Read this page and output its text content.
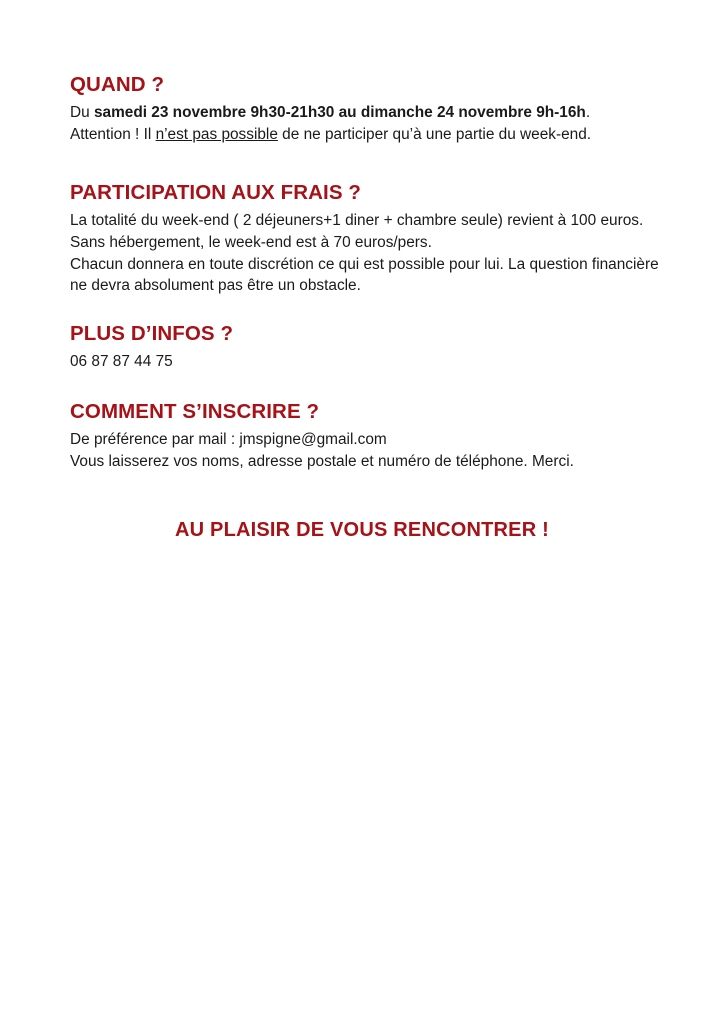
QUAND ?

Du samedi 23 novembre 9h30-21h30 au dimanche 24 novembre 9h-16h.

Attention ! Il n’est pas possible de ne participer qu’à une partie du week-end.

PARTICIPATION AUX FRAIS ?

La totalité du week-end ( 2 déjeuners+1 diner + chambre seule) revient à 100 euros.

Sans hébergement, le week-end est à 70 euros/pers.

Chacun donnera en toute discrétion ce qui est possible pour lui. La question financière ne devra absolument pas être un obstacle.

PLUS D’INFOS ?

06 87 87 44 75

COMMENT S’INSCRIRE ?

De préférence par mail : jmspigne@gmail.com

Vous laisserez vos noms, adresse postale et numéro de téléphone. Merci.

AU PLAISIR DE VOUS RENCONTRER !
